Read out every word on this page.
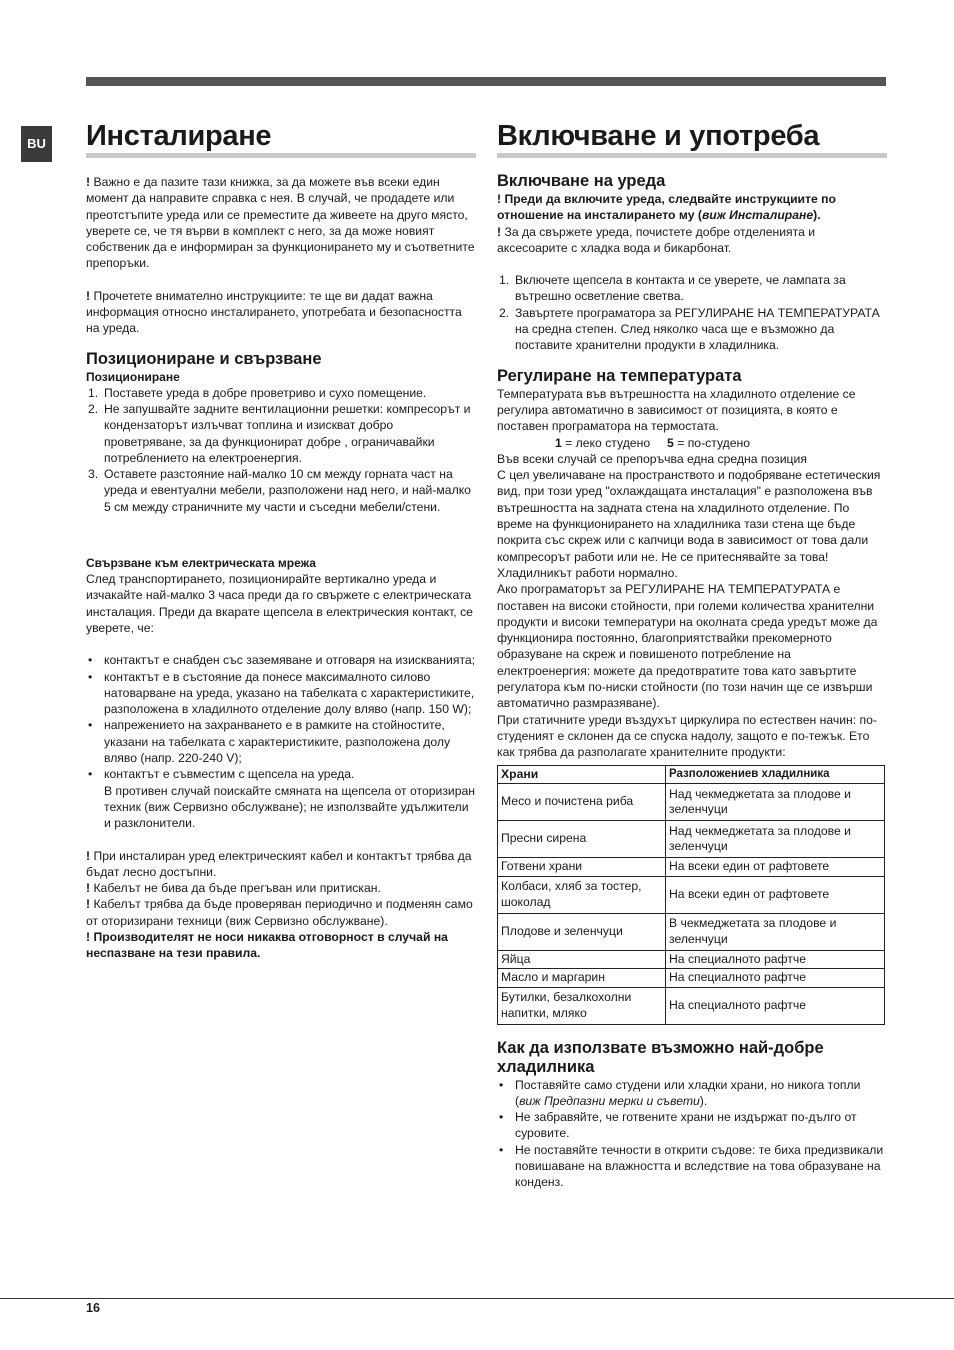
BU Инсталиране

! Важно е да пазите тази книжка, за да можете във всеки един момент да направите справка с нея. В случай, че продадете или преотстъпите уреда или се преместите да живеете на друго място, уверете се, че тя върви в комплект с него, за да може новият собственик да е информиран за функционирането му и съответните препоръки.

! Прочетете внимателно инструкциите: те ще ви дадат важна информация относно инсталирането, употребата и безопасността на уреда.

Позициониране и свързване
Позициониране
1. Поставете уреда в добре проветриво и сухо помещение.
2. Не запушвайте задните вентилационни решетки: компресорът и кондензаторът излъчват топлина и изискват добро проветряване, за да функционират добре , ограничавайки потреблението на електроенергия.
3. Оставете разстояние най-малко 10 см между горната част на уреда и евентуални мебели, разположени над него, и най-малко 5 см между страничните му части и съседни мебели/стени.
Свързване към електрическата мрежа

След транспортирането, позиционирайте вертикално уреда и изчакайте най-малко 3 часа преди да го свържете с електрическата инсталация. Преди да вкарате щепсела в електрическия контакт, се уверете, че:

• контактът е снабден със заземяване и отговаря на изискванията;
• контактът е в състояние да понесе максималното силово натоварване на уреда, указано на табелката с характеристиките, разположена в хладилното отделение долу вляво (напр. 150 W);
• напрежението на захранването е в рамките на стойностите, указани на табелката с характеристиките, разположена долу вляво (напр. 220-240 V);
• контактът е съвместим с щепсела на уреда.

В противен случай поискайте смяната на щепсела от оторизиран техник (виж Сервизно обслужване); не използвайте удължители и разклонители.

! При инсталиран уред електрическият кабел и контактът трябва да бъдат лесно достъпни.

! Кабелът не бива да бъде прегъван или притискан.

! Кабелът трябва да бъде проверяван периодично и подменян само от оторизирани техници (виж Сервизно обслужване).

! Производителят не носи никаква отговорност в случай на неспазване на тези правила.

Включване и употреба
Включване на уреда

! Преди да включите уреда, следвайте инструкциите по отношение на инсталирането му (виж Инсталиране).

! За да свържете уреда, почистете добре отделенията и аксесоарите с хладка вода и бикарбонат.

1. Включете щепсела в контакта и се уверете, че лампата за вътрешно осветление светва.
2. Завъртете програматора за РЕГУЛИРАНЕ НА ТЕМПЕРАТУРАТА на средна степен. След няколко часа ще е възможно да поставите хранителни продукти в хладилника.
Регулиране на температурата

Температурата във вътрешността на хладилното отделение се регулира автоматично в зависимост от позицията, в която е поставен програматора на термостата.

1 = леко студено 5 = по-студено

Във всеки случай се препоръчва една средна позиция

С цел увеличаване на пространството и подобряване естетическия вид, при този уред "охлаждащата инсталация" е разположена във вътрешността на задната стена на хладилното отделение. По време на функционирането на хладилника тази стена ще бъде покрита със скреж или с капчици вода в зависимост от това дали компресорът работи или не. Не се притеснявайте за това! Хладилникът работи нормално.

Ако програматорът за РЕГУЛИРАНЕ НА ТЕМПЕРАТУРАТА е поставен на високи стойности, при големи количества хранителни продукти и високи температури на околната среда уредът може да функционира постоянно, благоприятствайки прекомерното образуване на скреж и повишеното потребление на електроенергия: можете да предотвратите това като завъртите регулатора към по-ниски стойности (по този начин ще се извърши автоматично размразяване).

При статичните уреди въздухът циркулира по естествен начин: по-студеният е склонен да се спуска надолу, защото е по-тежък. Ето как трябва да разполагате хранителните продукти:

Храни	Разположениев хладилника
Месо и почистена риба	Над чекмеджетата за плодове и зеленчуци
Пресни сирена	Над чекмеджетата за плодове и зеленчуци
Готвени храни	На всеки един от рафтовете
Колбаси, хляб за тостер, шоколад	На всеки един от рафтовете
Плодове и зеленчуци	В чекмеджетата за плодове и зеленчуци
Яйца	На специалното рафтче
Масло и маргарин	На специалното рафтче
Бутилки, безалкохолни напитки, мляко	На специалното рафтче
Как да използвате възможно най-добре хладилника
• Поставяйте само студени или хладки храни, но никога топли (виж Предпазни мерки и съвети).
• Не забравяйте, че готвените храни не издържат по-дълго от суровите.
• Не поставяйте течности в открити съдове: те биха предизвикали повишаване на влажността и вследствие на това образуване на конденз.
16
